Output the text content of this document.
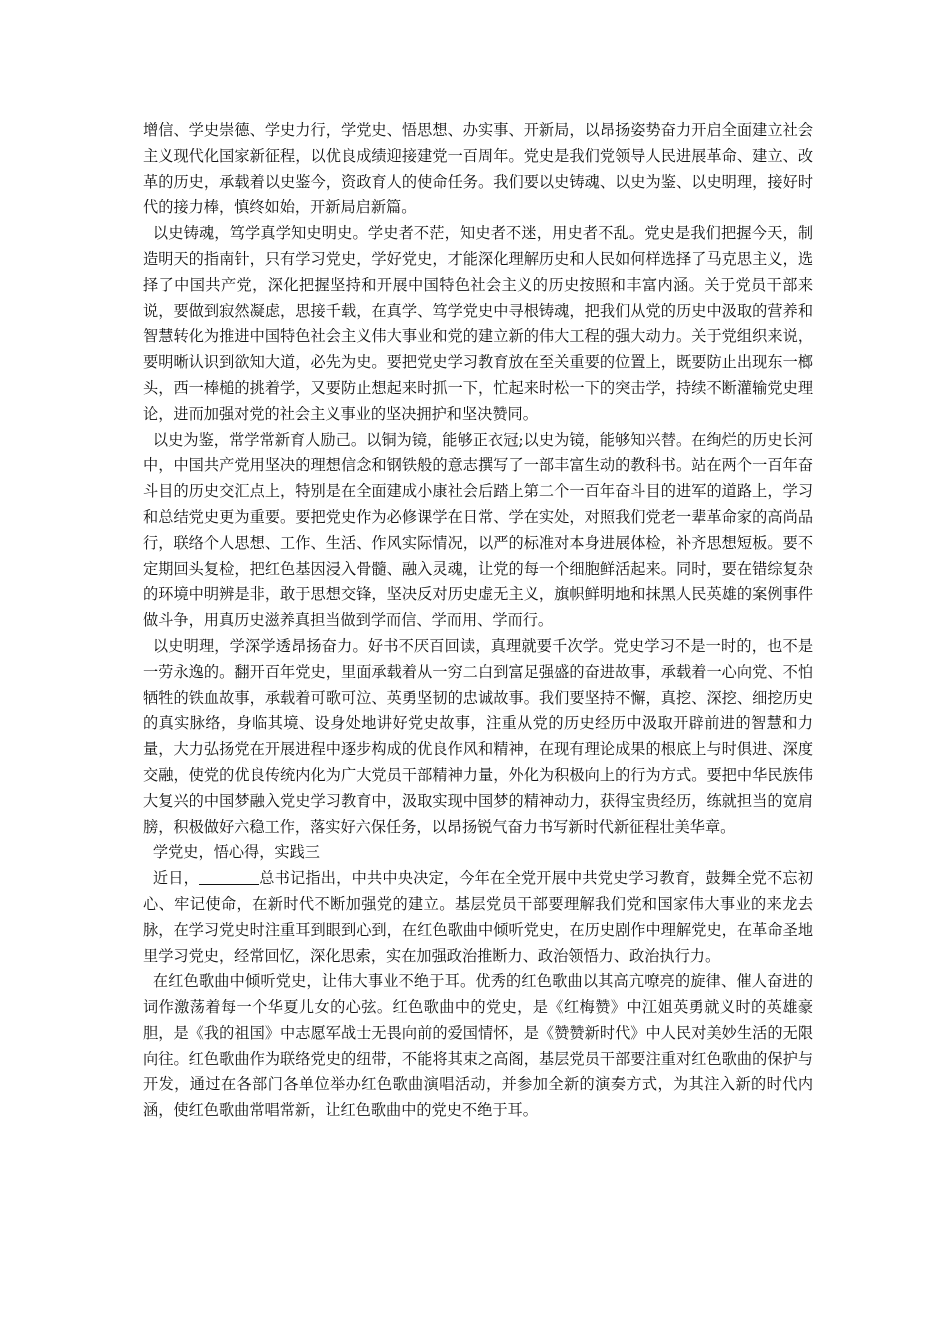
增信、学史崇德、学史力行，学党史、悟思想、办实事、开新局，以昂扬姿势奋力开启全面建立社会主义现代化国家新征程，以优良成绩迎接建党一百周年。党史是我们党领导人民进展革命、建立、改革的历史，承载着以史鉴今，资政育人的使命任务。我们要以史铸魂、以史为鉴、以史明理，接好时代的接力棒，慎终如始，开新局启新篇。

以史铸魂，笃学真学知史明史。学史者不茫，知史者不迷，用史者不乱。党史是我们把握今天，制造明天的指南针，只有学习党史，学好党史，才能深化理解历史和人民如何样选择了马克思主义，选择了中国共产党，深化把握坚持和开展中国特色社会主义的历史按照和丰富内涵。关于党员干部来说，要做到寂然凝虑，思接千载，在真学、笃学党史中寻根铸魂，把我们从党的历史中汲取的营养和智慧转化为推进中国特色社会主义伟大事业和党的建立新的伟大工程的强大动力。关于党组织来说，要明晰认识到欲知大道，必先为史。要把党史学习教育放在至关重要的位置上，既要防止出现东一榔头，西一棒槌的挑着学，又要防止想起来时抓一下，忙起来时松一下的突击学，持续不断灌输党史理论，进而加强对党的社会主义事业的坚决拥护和坚决赞同。

以史为鉴，常学常新育人励己。以铜为镜，能够正衣冠;以史为镜，能够知兴替。在绚烂的历史长河中，中国共产党用坚决的理想信念和钢铁般的意志撰写了一部丰富生动的教科书。站在两个一百年奋斗目的历史交汇点上，特别是在全面建成小康社会后踏上第二个一百年奋斗目的进军的道路上，学习和总结党史更为重要。要把党史作为必修课学在日常、学在实处，对照我们党老一辈革命家的高尚品行，联络个人思想、工作、生活、作风实际情况，以严的标准对本身进展体检，补齐思想短板。要不定期回头复检，把红色基因浸入骨髓、融入灵魂，让党的每一个细胞鲜活起来。同时，要在错综复杂的环境中明辨是非，敢于思想交锋，坚决反对历史虚无主义，旗帜鲜明地和抹黑人民英雄的案例事件做斗争，用真历史滋养真担当做到学而信、学而用、学而行。

以史明理，学深学透昂扬奋力。好书不厌百回读，真理就要千次学。党史学习不是一时的，也不是一劳永逸的。翻开百年党史，里面承载着从一穷二白到富足强盛的奋进故事，承载着一心向党、不怕牺牲的铁血故事，承载着可歌可泣、英勇坚韧的忠诚故事。我们要坚持不懈，真挖、深挖、细挖历史的真实脉络，身临其境、设身处地讲好党史故事，注重从党的历史经历中汲取开辟前进的智慧和力量，大力弘扬党在开展进程中逐步构成的优良作风和精神，在现有理论成果的根底上与时俱进、深度交融，使党的优良传统内化为广大党员干部精神力量，外化为积极向上的行为方式。要把中华民族伟大复兴的中国梦融入党史学习教育中，汲取实现中国梦的精神动力，获得宝贵经历，练就担当的宽肩膀，积极做好六稳工作，落实好六保任务，以昂扬锐气奋力书写新时代新征程壮美华章。

学党史，悟心得，实践三

近日，	总书记指出，中共中央决定，今年在全党开展中共党史学习教育，鼓舞全党不忘初心、牢记使命，在新时代不断加强党的建立。基层党员干部要理解我们党和国家伟大事业的来龙去脉，在学习党史时注重耳到眼到心到，在红色歌曲中倾听党史，在历史剧作中理解党史，在革命圣地里学习党史，经常回忆，深化思索，实在加强政治推断力、政治领悟力、政治执行力。

在红色歌曲中倾听党史，让伟大事业不绝于耳。优秀的红色歌曲以其高亢嘹亮的旋律、催人奋进的词作激荡着每一个华夏儿女的心弦。红色歌曲中的党史，是《红梅赞》中江姐英勇就义时的英雄豪胆，是《我的祖国》中志愿军战士无畏向前的爱国情怀，是《赞赞新时代》中人民对美妙生活的无限向往。红色歌曲作为联络党史的纽带，不能将其束之高阁，基层党员干部要注重对红色歌曲的保护与开发，通过在各部门各单位举办红色歌曲演唱活动，并参加全新的演奏方式，为其注入新的时代内涵，使红色歌曲常唱常新，让红色歌曲中的党史不绝于耳。
